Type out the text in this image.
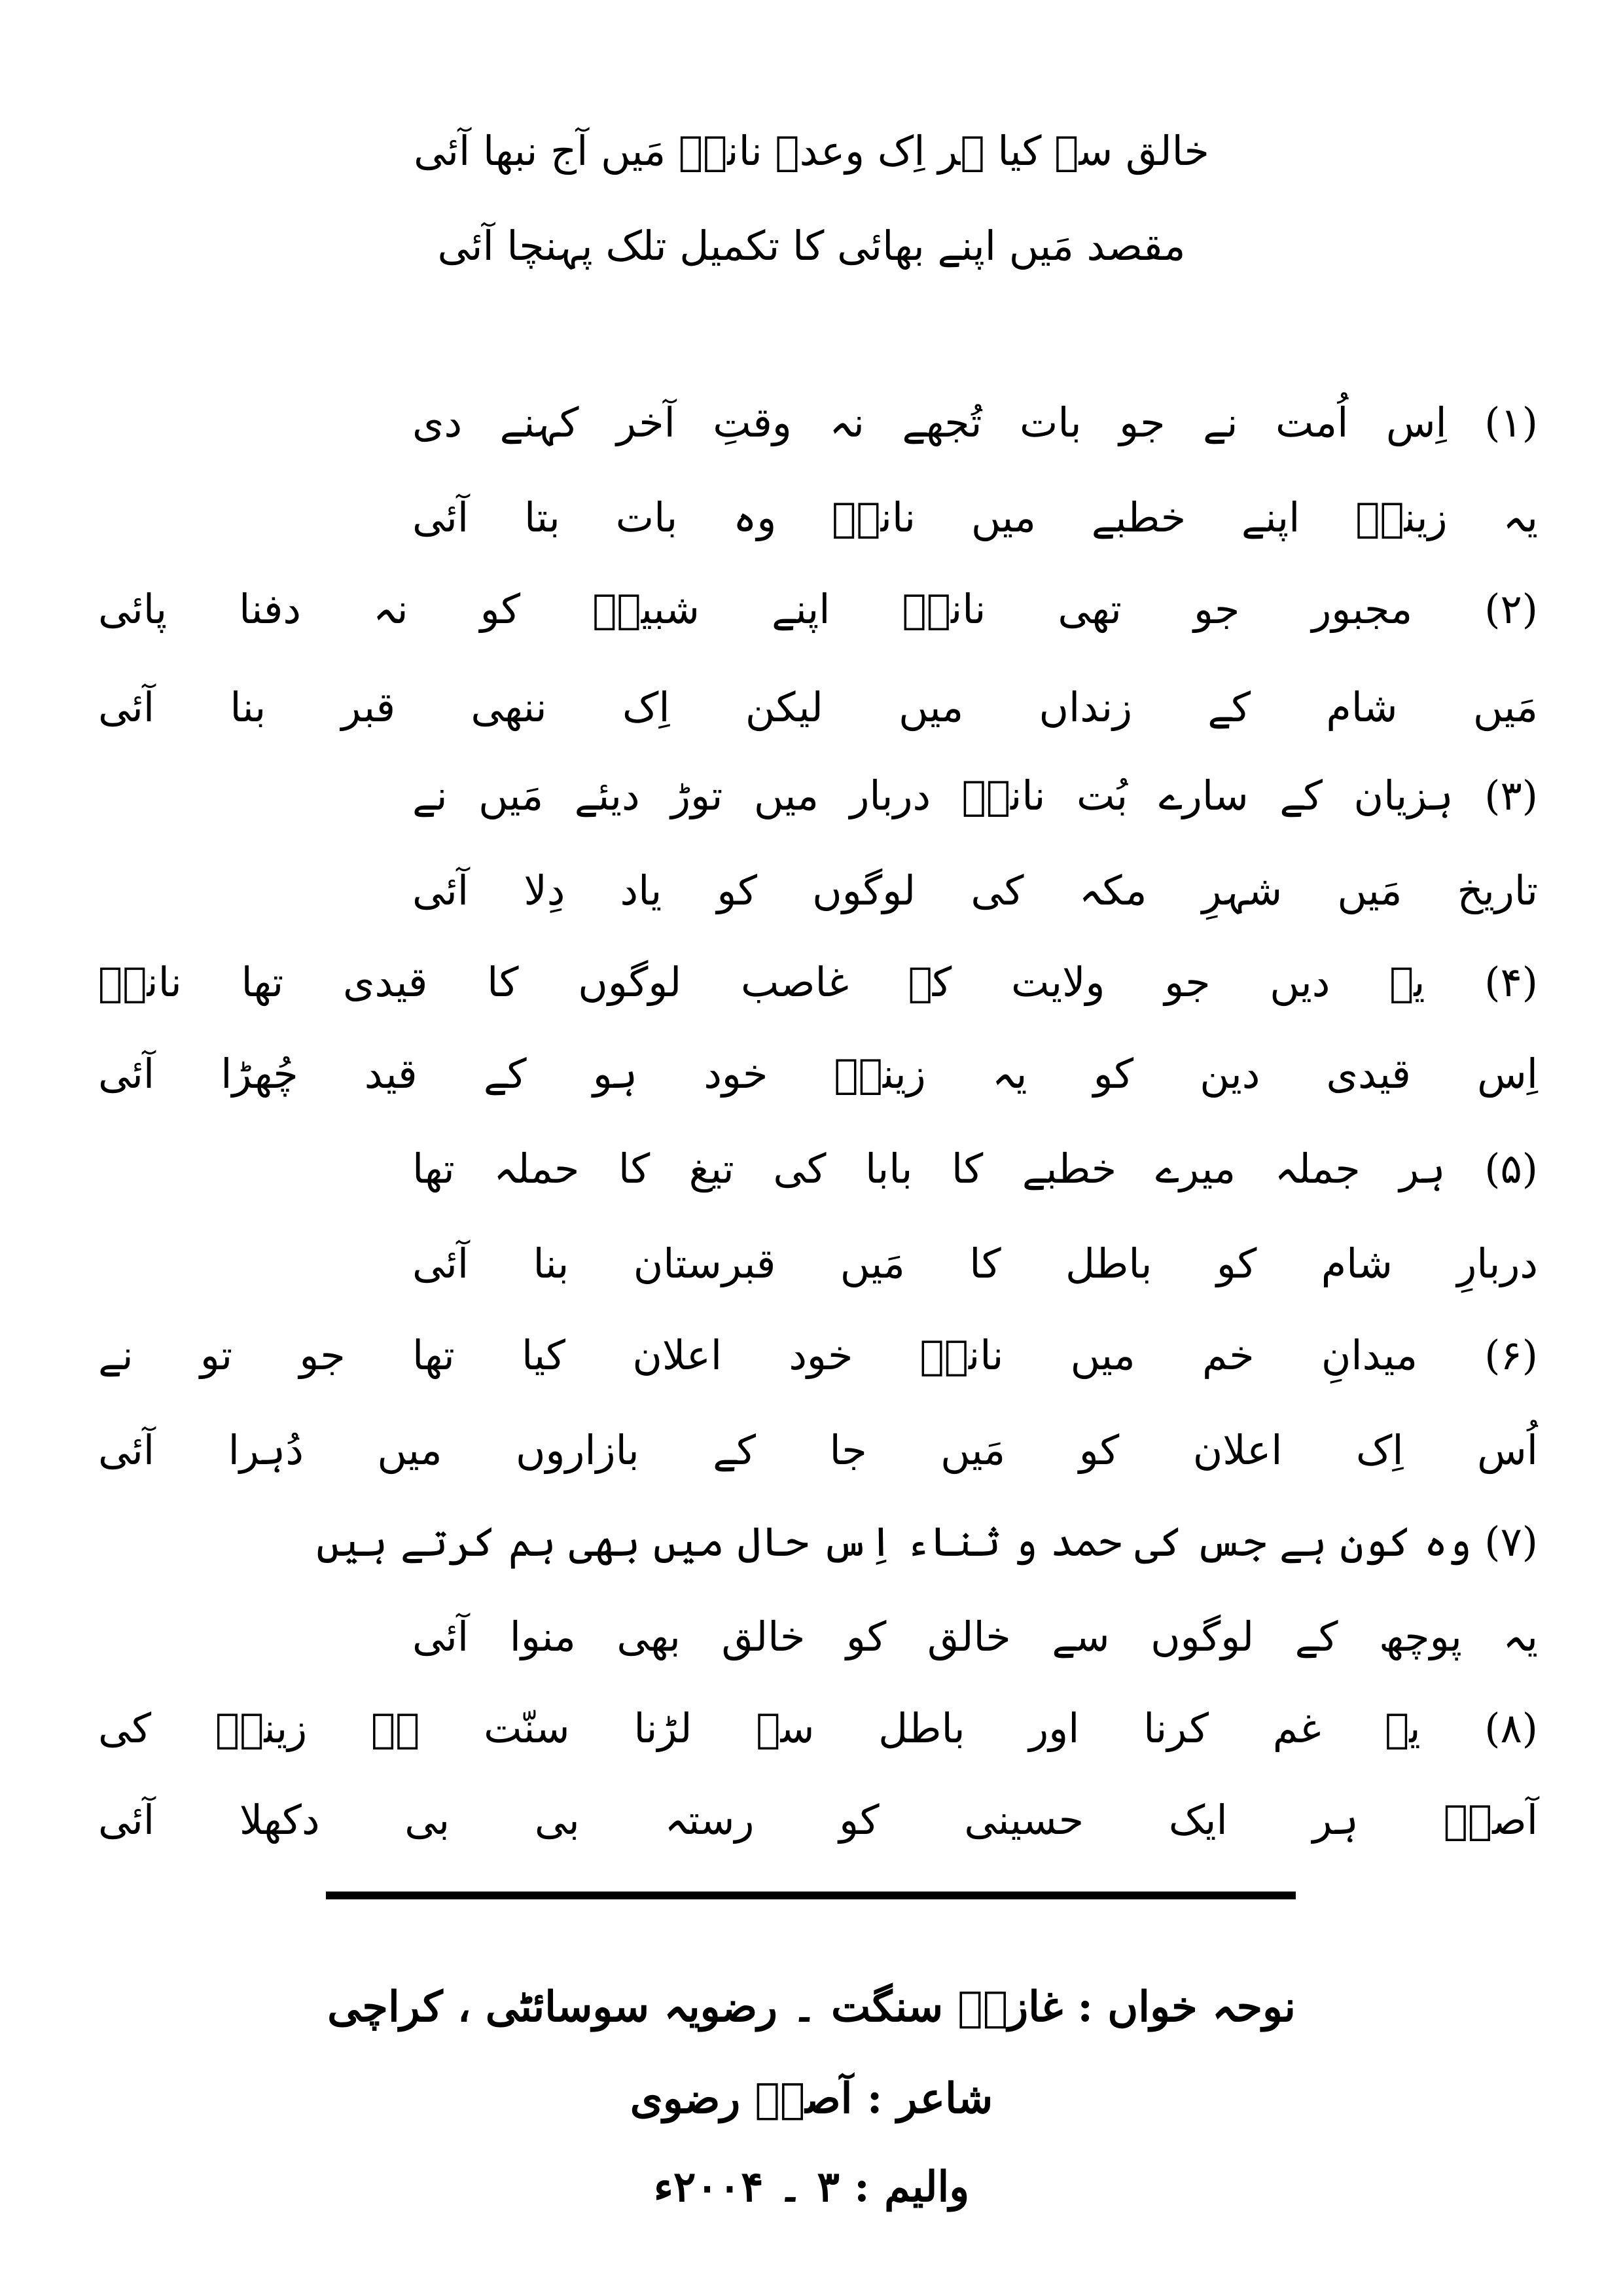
خالق سے کیا ہر اِک وعدہ ناناؐ مَیں آج نبھا آئی
مقصد مَیں اپنے بھائی کا تکمیل تلک پہنچا آئی
(۱) اِس اُمت نے جو بات تُجھے نہ وقتِ آخر کہنے دی
یہ زینبؑ اپنے خطبے میں ناناؐ وہ بات بتا آئی
(۲) مجبور جو تھی ناناؐ اپنے شبیرؑ کو نہ دفنا پائی
مَیں شام کے زنداں میں لیکن اِک ننھی قبر بنا آئی
(۳) ہزیان کے سارے بُت ناناؐ دربار میں توڑ دیئے مَیں نے
تاریخ مَیں شہرِ مکہ کی لوگوں کو یاد دِلا آئی
(۴) یہ دیں جو ولایت کے غاصب لوگوں کا قیدی تھا ناناؐ
اِس قیدی دین کو یہ زینبؑ خود ہو کے قید چُھڑا آئی
(۵) ہر جملہ میرے خطبے کا بابا کی تیغ کا حملہ تھا
دربارِ شام کو باطل کا مَیں قبرستان بنا آئی
(۶) میدانِ خم میں ناناؐ خود اعلان کیا تھا جو تو نے
اُس اِک اعلان کو مَیں جا کے بازاروں میں دُہرا آئی
(۷) وہ کون ہے جس کی حمد و ثناء اِس حال میں بھی ہم کرتے ہیں
یہ پوچھ کے لوگوں سے خالق کو خالق بھی منوا آئی
(۸) یہ غم کرنا اور باطل سے لڑنا سنّت ہے زینبؑ کی
آصفؔ ہر ایک حسینی کو رستہ بی بی دکھلا آئی
نوحہ خواں : غازیؑ سنگت ۔ رضویہ سوسائٹی ، کراچی
شاعر : آصفؔ رضوی
والیم : ۳ ۔ ۲۰۰۴ء
